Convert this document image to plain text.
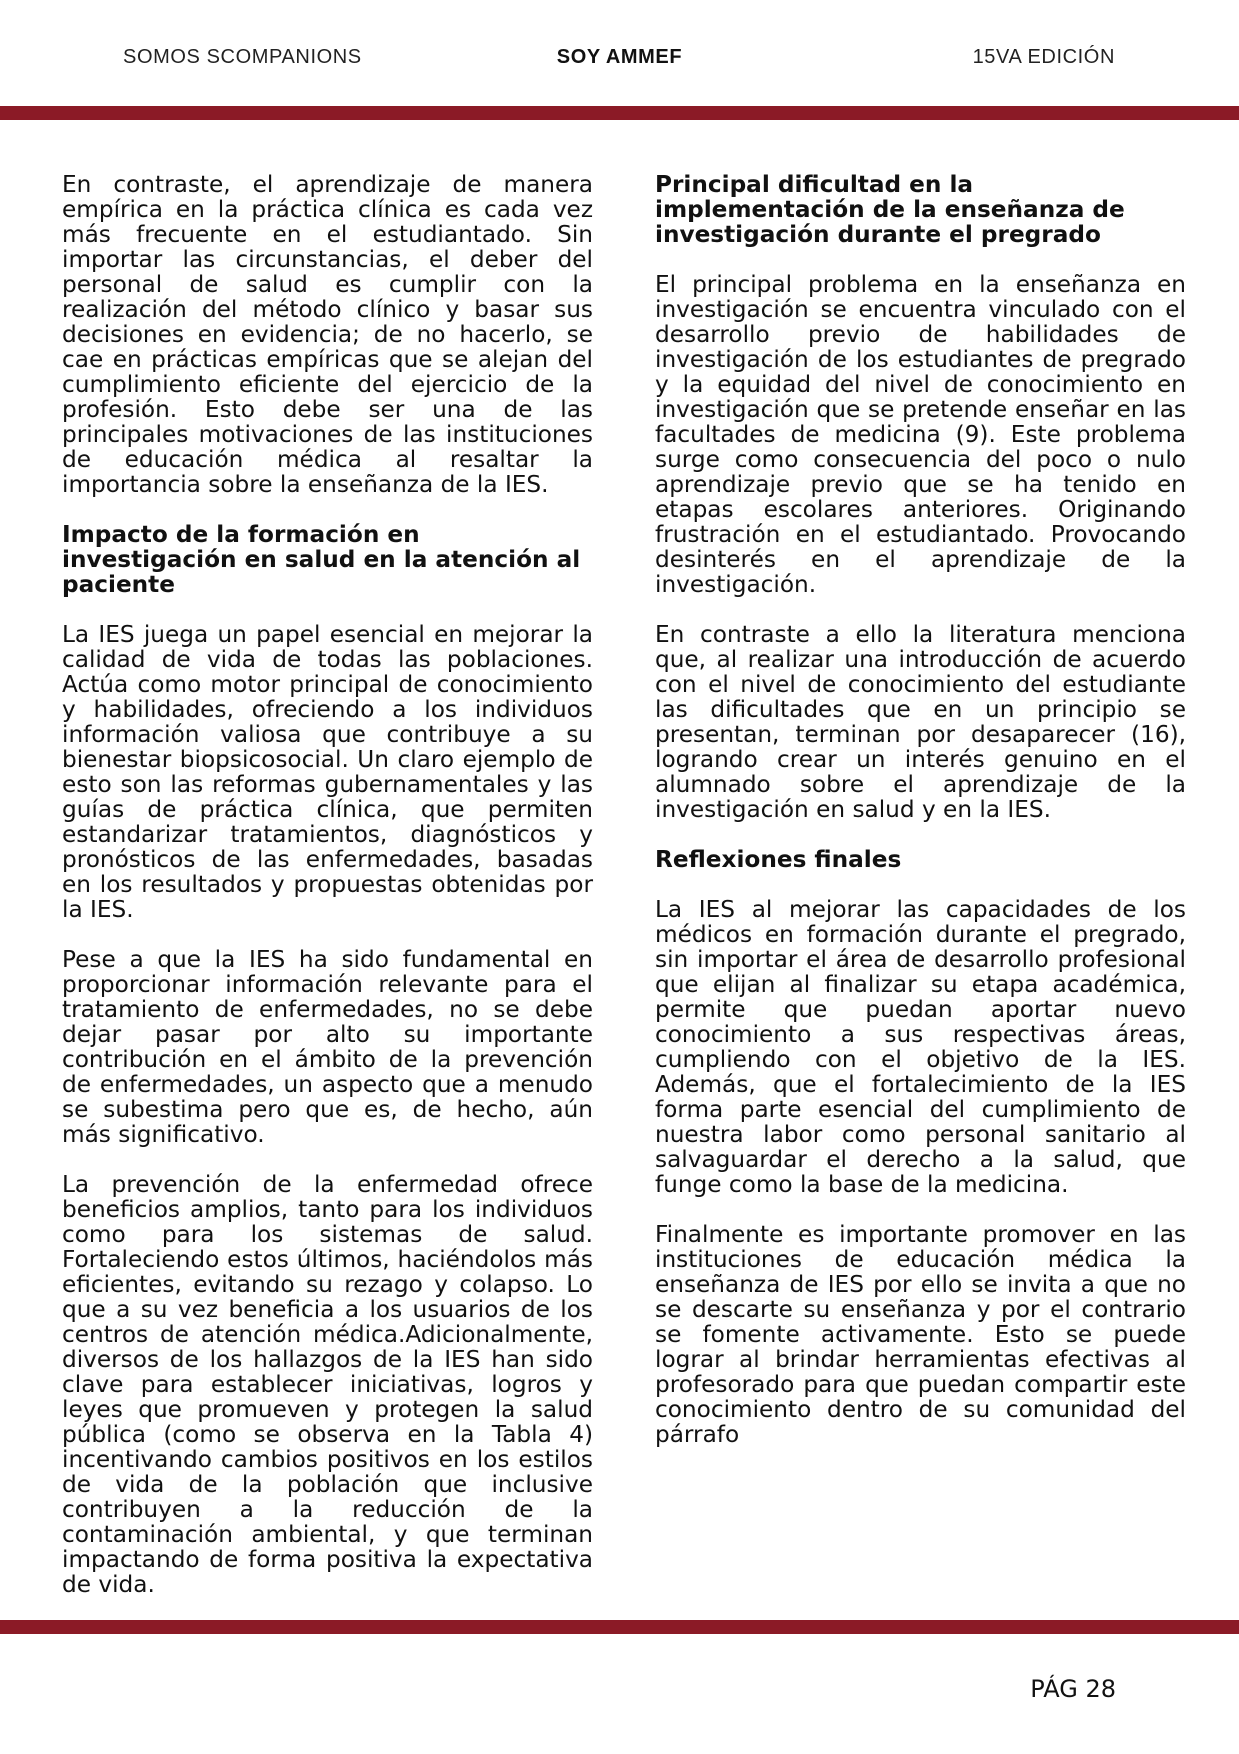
SOMOS SCOMPANIONS	SOY AMMEF	15VA EDICIÓN

En contraste, el aprendizaje de manera empírica en la práctica clínica es cada vez más frecuente en el estudiantado. Sin importar las circunstancias, el deber del personal de salud es cumplir con la realización del método clínico y basar sus decisiones en evidencia; de no hacerlo, se cae en prácticas empíricas que se alejan del cumplimiento eficiente del ejercicio de la profesión. Esto debe ser una de las principales motivaciones de las instituciones de educación médica al resaltar la importancia sobre la enseñanza de la IES.

Impacto de la formación en investigación en salud en la atención al paciente

La IES juega un papel esencial en mejorar la calidad de vida de todas las poblaciones. Actúa como motor principal de conocimiento y habilidades, ofreciendo a los individuos información valiosa que contribuye a su bienestar biopsicosocial. Un claro ejemplo de esto son las reformas gubernamentales y las guías de práctica clínica, que permiten estandarizar tratamientos, diagnósticos y pronósticos de las enfermedades, basadas en los resultados y propuestas obtenidas por la IES.

Pese a que la IES ha sido fundamental en proporcionar información relevante para el tratamiento de enfermedades, no se debe dejar pasar por alto su importante contribución en el ámbito de la prevención de enfermedades, un aspecto que a menudo se subestima pero que es, de hecho, aún más significativo.

La prevención de la enfermedad ofrece beneficios amplios, tanto para los individuos como para los sistemas de salud. Fortaleciendo estos últimos, haciéndolos más eficientes, evitando su rezago y colapso. Lo que a su vez beneficia a los usuarios de los centros de atención médica.Adicionalmente, diversos de los hallazgos de la IES han sido clave para establecer iniciativas, logros y leyes que promueven y protegen la salud pública (como se observa en la Tabla 4) incentivando cambios positivos en los estilos de vida de la población que inclusive contribuyen a la reducción de la contaminación ambiental, y que terminan impactando de forma positiva la expectativa de vida.

Principal dificultad en la implementación de la enseñanza de investigación durante el pregrado

El principal problema en la enseñanza en investigación se encuentra vinculado con el desarrollo previo de habilidades de investigación de los estudiantes de pregrado y la equidad del nivel de conocimiento en investigación que se pretende enseñar en las facultades de medicina (9). Este problema surge como consecuencia del poco o nulo aprendizaje previo que se ha tenido en etapas escolares anteriores. Originando frustración en el estudiantado. Provocando desinterés en el aprendizaje de la investigación.

En contraste a ello la literatura menciona que, al realizar una introducción de acuerdo con el nivel de conocimiento del estudiante las dificultades que en un principio se presentan, terminan por desaparecer (16), logrando crear un interés genuino en el alumnado sobre el aprendizaje de la investigación en salud y en la IES.

Reflexiones finales

La IES al mejorar las capacidades de los médicos en formación durante el pregrado, sin importar el área de desarrollo profesional que elijan al finalizar su etapa académica, permite que puedan aportar nuevo conocimiento a sus respectivas áreas, cumpliendo con el objetivo de la IES. Además, que el fortalecimiento de la IES forma parte esencial del cumplimiento de nuestra labor como personal sanitario al salvaguardar el derecho a la salud, que funge como la base de la medicina.

Finalmente es importante promover en las instituciones de educación médica la enseñanza de IES por ello se invita a que no se descarte su enseñanza y por el contrario se fomente activamente. Esto se puede lograr al brindar herramientas efectivas al profesorado para que puedan compartir este conocimiento dentro de su comunidad del párrafo

PÁG 28
